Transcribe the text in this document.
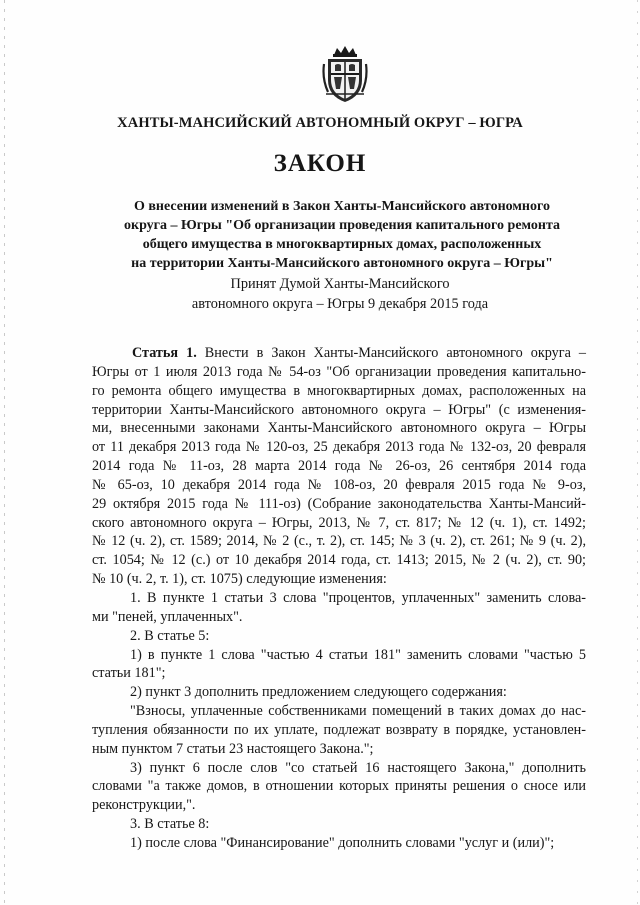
ХАНТЫ-МАНСИЙСКИЙ АВТОНОМНЫЙ ОКРУГ – ЮГРА
ЗАКОН
О внесении изменений в Закон Ханты-Мансийского автономного
округа – Югры "Об организации проведения капитального ремонта
общего имущества в многоквартирных домах, расположенных
на территории Ханты-Мансийского автономного округа – Югры"
Принят Думой Ханты-Мансийского
автономного округа – Югры 9 декабря 2015 года
Статья 1. Внести в Закон Ханты-Мансийского автономного округа –
Югры от 1 июля 2013 года № 54-оз "Об организации проведения капитально-
го ремонта общего имущества в многоквартирных домах, расположенных на
территории Ханты-Мансийского автономного округа – Югры" (с изменения-
ми, внесенными законами Ханты-Мансийского автономного округа – Югры
от 11 декабря 2013 года № 120-оз, 25 декабря 2013 года № 132-оз, 20 февраля
2014 года № 11-оз, 28 марта 2014 года № 26-оз, 26 сентября 2014 года
№ 65-оз, 10 декабря 2014 года № 108-оз, 20 февраля 2015 года № 9-оз,
29 октября 2015 года № 111-оз) (Собрание законодательства Ханты-Мансий-
ского автономного округа – Югры, 2013, № 7, ст. 817; № 12 (ч. 1), ст. 1492;
№ 12 (ч. 2), ст. 1589; 2014, № 2 (с., т. 2), ст. 145; № 3 (ч. 2), ст. 261; № 9 (ч. 2),
ст. 1054; № 12 (с.) от 10 декабря 2014 года, ст. 1413; 2015, № 2 (ч. 2), ст. 90;
№ 10 (ч. 2, т. 1), ст. 1075) следующие изменения:
1. В пункте 1 статьи 3 слова "процентов, уплаченных" заменить слова-
ми "пеней, уплаченных".
2. В статье 5:
1) в пункте 1 слова "частью 4 статьи 181" заменить словами "частью 5
статьи 181";
2) пункт 3 дополнить предложением следующего содержания:
"Взносы, уплаченные собственниками помещений в таких домах до нас-
тупления обязанности по их уплате, подлежат возврату в порядке, установлен-
ным пунктом 7 статьи 23 настоящего Закона.";
3) пункт 6 после слов "со статьей 16 настоящего Закона," дополнить
словами "а также домов, в отношении которых приняты решения о сносе или
реконструкции,".
3. В статье 8:
1) после слова "Финансирование" дополнить словами "услуг и (или)";
